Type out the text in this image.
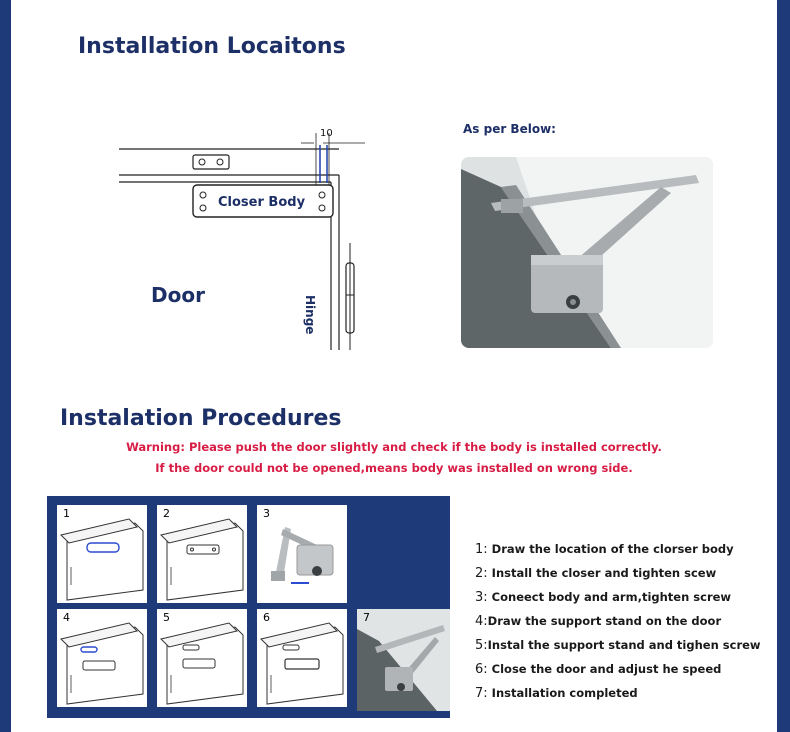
Installation Locaitons
10
Closer Body
Hinge
Door
As per Below:
Instalation Procedures
Warning: Please push the door slightly and check if the body is installed correctly.
If the door could not be opened,means body was installed on wrong side.
1	2	3
4	5	6	7
1: Draw the location of the clorser body
2: Install the closer and tighten scew
3: Coneect body and arm,tighten screw
4:Draw the support stand on the door
5:Instal the support stand and tighen screw
6: Close the door and adjust he speed
7: Installation completed
